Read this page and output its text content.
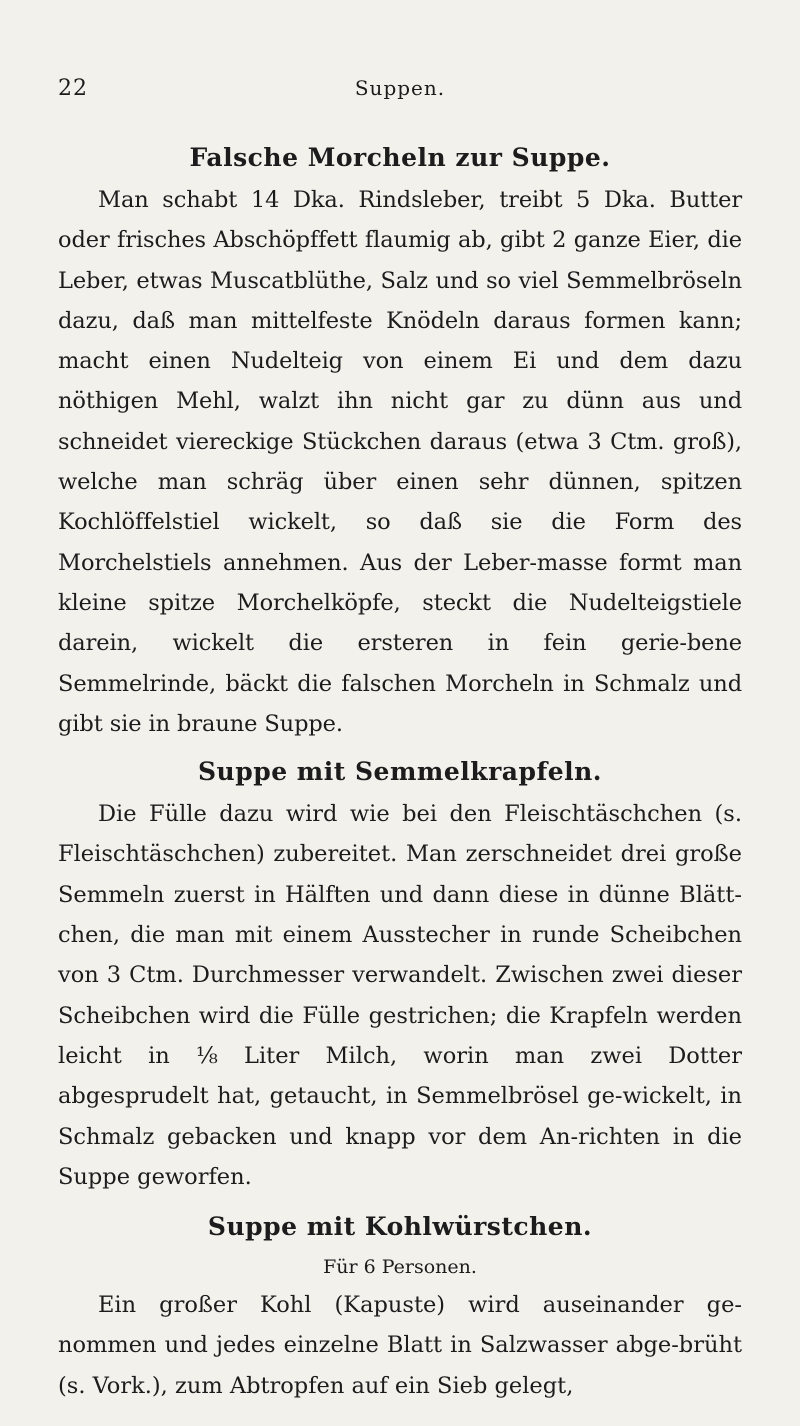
22	Suppen.
Falsche Morcheln zur Suppe.

Man schabt 14 Dka. Rindsleber, treibt 5 Dka. Butter oder frisches Abschöpffett flaumig ab, gibt 2 ganze Eier, die Leber, etwas Muscatblüthe, Salz und so viel Semmelbröseln dazu, daß man mittelfeste Knödeln daraus formen kann; macht einen Nudelteig von einem Ei und dem dazu nöthigen Mehl, walzt ihn nicht gar zu dünn aus und schneidet viereckige Stückchen daraus (etwa 3 Ctm. groß), welche man schräg über einen sehr dünnen, spitzen Kochlöffelstiel wickelt, so daß sie die Form des Morchelstiels annehmen. Aus der Leber-masse formt man kleine spitze Morchelköpfe, steckt die Nudelteigstiele darein, wickelt die ersteren in fein gerie-bene Semmelrinde, bäckt die falschen Morcheln in Schmalz und gibt sie in braune Suppe.

Suppe mit Semmelkrapfeln.

Die Fülle dazu wird wie bei den Fleischtäschchen (s. Fleischtäschchen) zubereitet. Man zerschneidet drei große Semmeln zuerst in Hälften und dann diese in dünne Blätt-chen, die man mit einem Ausstecher in runde Scheibchen von 3 Ctm. Durchmesser verwandelt. Zwischen zwei dieser Scheibchen wird die Fülle gestrichen; die Krapfeln werden leicht in ⅛ Liter Milch, worin man zwei Dotter abgesprudelt hat, getaucht, in Semmelbrösel ge-wickelt, in Schmalz gebacken und knapp vor dem An-richten in die Suppe geworfen.

Suppe mit Kohlwürstchen.
Für 6 Personen.

Ein großer Kohl (Kapuste) wird auseinander ge-nommen und jedes einzelne Blatt in Salzwasser abge-brüht (s. Vork.), zum Abtropfen auf ein Sieb gelegt,
